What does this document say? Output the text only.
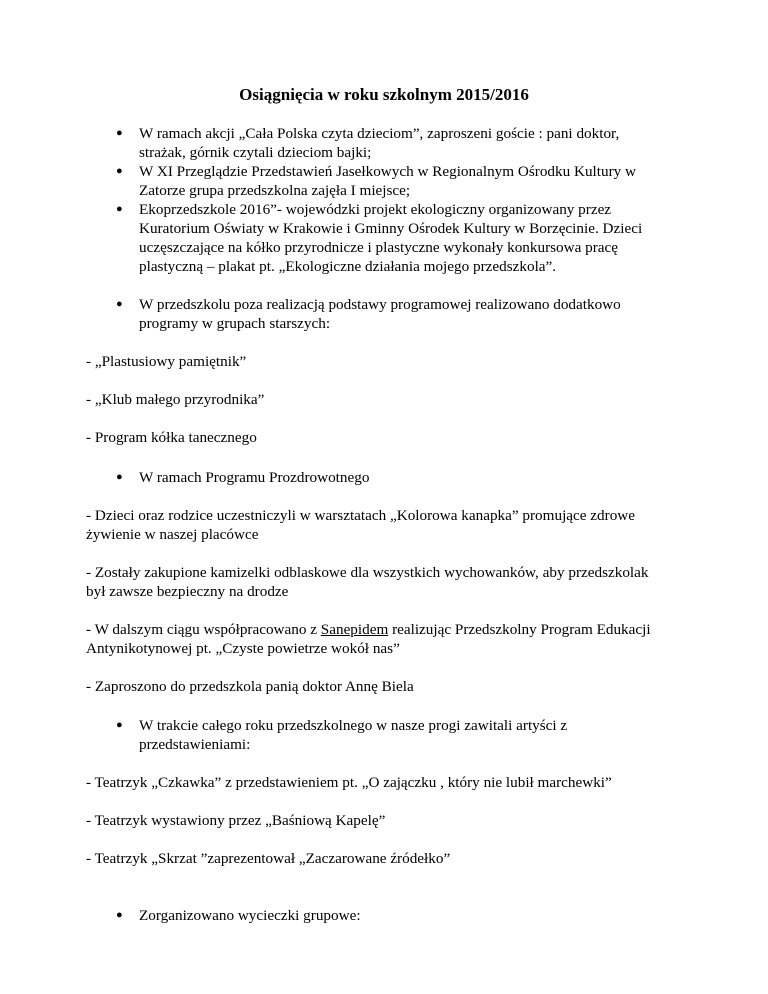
Osiągnięcia w roku szkolnym 2015/2016
●	W ramach akcji „Cała Polska czyta dzieciom”, zaproszeni goście : pani doktor,
strażak, górnik czytali dzieciom bajki;

●	W XI Przeglądzie Przedstawień Jasełkowych w Regionalnym Ośrodku Kultury w
Zatorze grupa przedszkolna zajęła I miejsce;

●	Ekoprzedszkole 2016”- wojewódzki projekt ekologiczny organizowany przez
Kuratorium Oświaty w Krakowie i Gminny Ośrodek Kultury w Borzęcinie. Dzieci
uczęszczające na kółko przyrodnicze i plastyczne wykonały konkursowa pracę
plastyczną – plakat pt. „Ekologiczne działania mojego przedszkola”.

●	W przedszkolu poza realizacją podstawy programowej realizowano dodatkowo
programy w grupach starszych:

- „Plastusiowy pamiętnik”

- „Klub małego przyrodnika”

- Program kółka tanecznego

●	W ramach Programu Prozdrowotnego

- Dzieci oraz rodzice uczestniczyli w warsztatach „Kolorowa kanapka” promujące zdrowe
żywienie w naszej placówce

- Zostały zakupione kamizelki odblaskowe dla wszystkich wychowanków, aby przedszkolak
był zawsze bezpieczny na drodze

- W dalszym ciągu współpracowano z Sanepidem realizując Przedszkolny Program Edukacji
Antynikotynowej pt. „Czyste powietrze wokół nas”

- Zaproszono do przedszkola panią doktor Annę Biela

●	W trakcie całego roku przedszkolnego w nasze progi zawitali artyści z
przedstawieniami:

- Teatrzyk „Czkawka” z przedstawieniem pt. „O zajączku , który nie lubił marchewki”

- Teatrzyk wystawiony przez „Baśniową Kapelę”

- Teatrzyk „Skrzat ”zaprezentował „Zaczarowane źródełko”

●	Zorganizowano wycieczki grupowe:
